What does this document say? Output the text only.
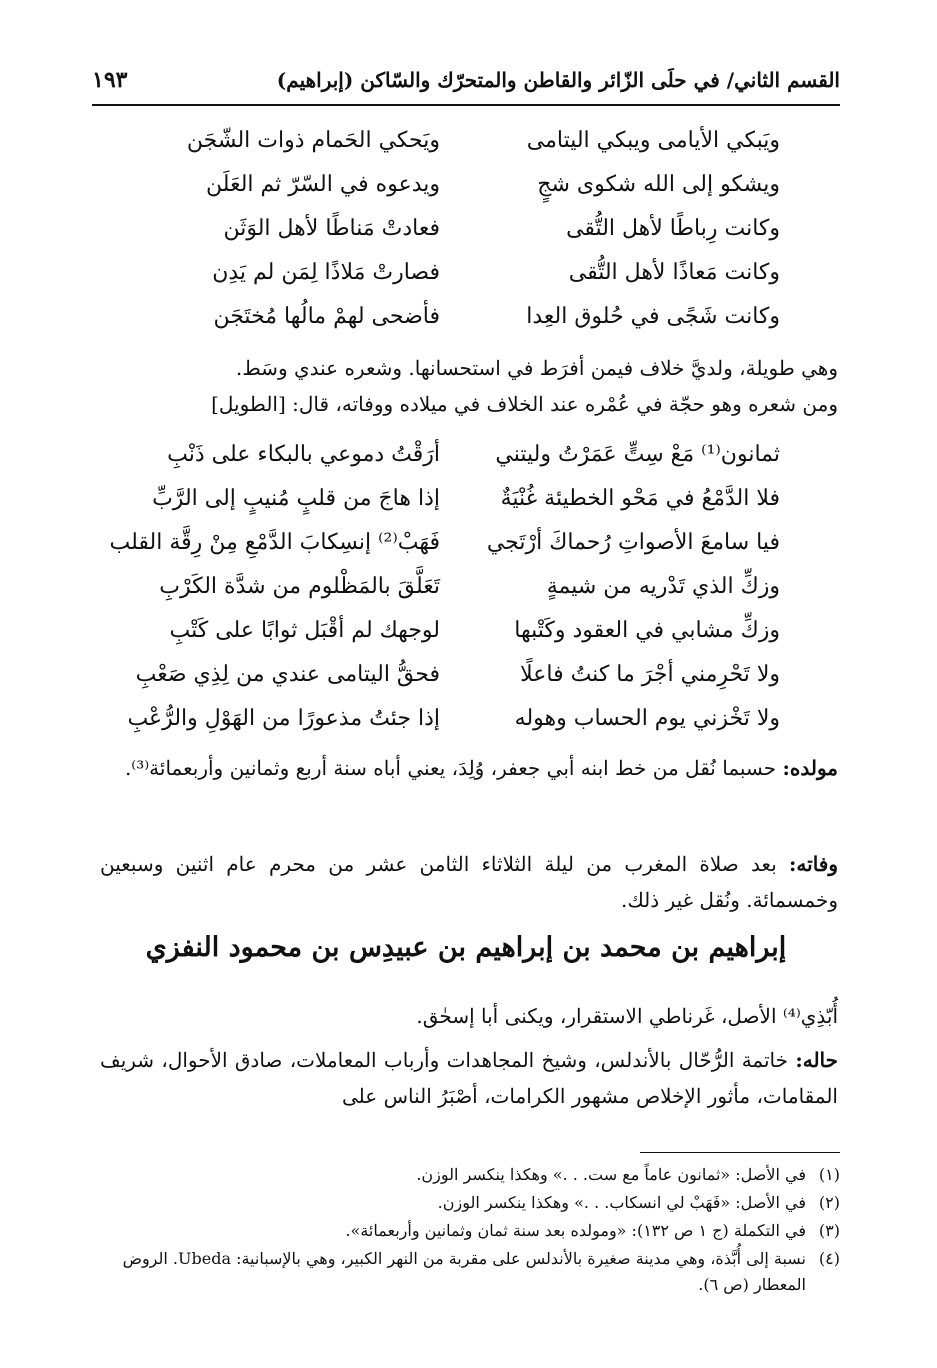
القسم الثاني/ في حلَى الزّائر والقاطن والمتحرّك والسّاكن (إبراهيم)
١٩٣
ويَبكي الأيامى ويبكي اليتامى
ويَحكي الحَمام ذوات الشّجَن
ويشكو إلى الله شكوى شجٍ
ويدعوه في السّرّ ثم العَلَن
وكانت رِباطًا لأهل التُّقى
فعادتْ مَناطًا لأهل الوَثَن
وكانت مَعاذًا لأهل التُّقى
فصارتْ مَلاذًا لِمَن لم يَدِن
وكانت شَجًى في حُلوق العِدا
فأضحى لهمْ مالُها مُختَجَن
وهي طويلة، ولديَّ خلاف فيمن أفرَط في استحسانها. وشعره عندي وسَط.
ومن شعره وهو حجّة في عُمْره عند الخلاف في ميلاده ووفاته، قال: [الطويل]
ثمانون⁽¹⁾ مَعْ سِتٍّ عَمَرْتُ وليتني
أرَقْتُ دموعي بالبكاء على ذَنْبِ
فلا الدَّمْعُ في مَحْو الخطيئة غُنْيَةٌ
إذا هاجَ من قلبٍ مُنيبٍ إلى الرَّبِّ
فيا سامعَ الأصواتِ رُحماكَ أرْتَجي
فَهَبْ⁽²⁾ إنسِكابَ الدَّمْعِ مِنْ رِقَّة القلب
وزكِّ الذي تَدْريه من شيمةٍ
تَعَلَّقَ بالمَظْلوم من شدَّة الكَرْبِ
وزكِّ مشابي في العقود وكَتْبها
لوجهك لم أقْبَل ثوابًا على كَتْبِ
ولا تَحْرِمني أجْرَ ما كنتُ فاعلًا
فحقُّ اليتامى عندي من لِذِي صَعْبِ
ولا تَخْزني يوم الحساب وهوله
إذا جئتُ مذعورًا من الهَوْلِ والرُّعْبِ
مولده: حسبما نُقل من خط ابنه أبي جعفر، وُلِدَ، يعني أباه سنة أربع وثمانين وأربعمائة⁽³⁾.
وفاته: بعد صلاة المغرب من ليلة الثلاثاء الثامن عشر من محرم عام اثنين وسبعين وخمسمائة. ونُقل غير ذلك.
إبراهيم بن محمد بن إبراهيم بن عبيدِس بن محمود النفزي
أُبّذِي⁽⁴⁾ الأصل، غَرناطي الاستقرار، ويكنى أبا إسحٰق.
حاله: خاتمة الرُّحّال بالأندلس، وشيخ المجاهدات وأرباب المعاملات، صادق الأحوال، شريف المقامات، مأثور الإخلاص مشهور الكرامات، أصْبَرُ الناس على
(١)
في الأصل: «ثمانون عاماً مع ست. . .» وهكذا ينكسر الوزن.
(٢)
في الأصل: «فَهَبْ لي انسكاب. . .» وهكذا ينكسر الوزن.
(٣)
في التكملة (ج ١ ص ١٣٢): «ومولده بعد سنة ثمان وثمانين وأربعمائة».
(٤)
نسبة إلى أُبَّذة، وهي مدينة صغيرة بالأندلس على مقربة من النهر الكبير، وهي بالإسبانية: Ubeda. الروض المعطار (ص ٦).
